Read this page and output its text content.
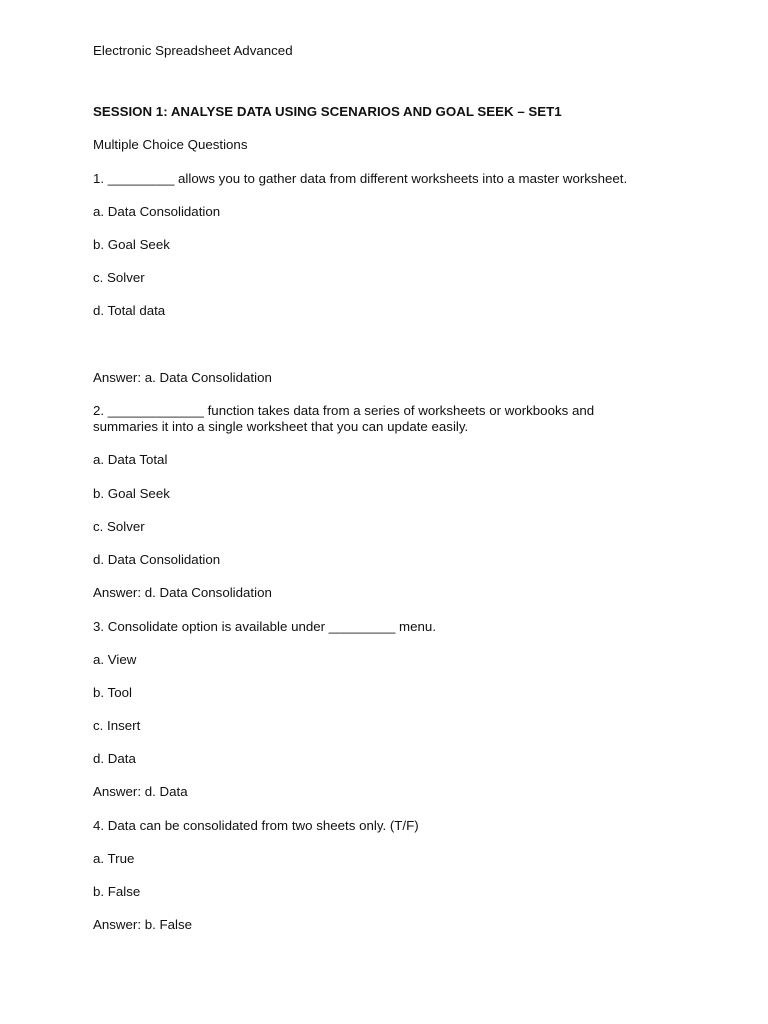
Electronic Spreadsheet Advanced
SESSION 1: ANALYSE DATA USING SCENARIOS AND GOAL SEEK – SET1
Multiple Choice Questions
1. _________ allows you to gather data from different worksheets into a master worksheet.
a. Data Consolidation
b. Goal Seek
c. Solver
d. Total data
Answer: a. Data Consolidation
2. _____________ function takes data from a series of worksheets or workbooks and
summaries it into a single worksheet that you can update easily.
a. Data Total
b. Goal Seek
c. Solver
d. Data Consolidation
Answer: d. Data Consolidation
3. Consolidate option is available under _________ menu.
a. View
b. Tool
c. Insert
d. Data
Answer: d. Data
4. Data can be consolidated from two sheets only. (T/F)
a. True
b. False
Answer: b. False
